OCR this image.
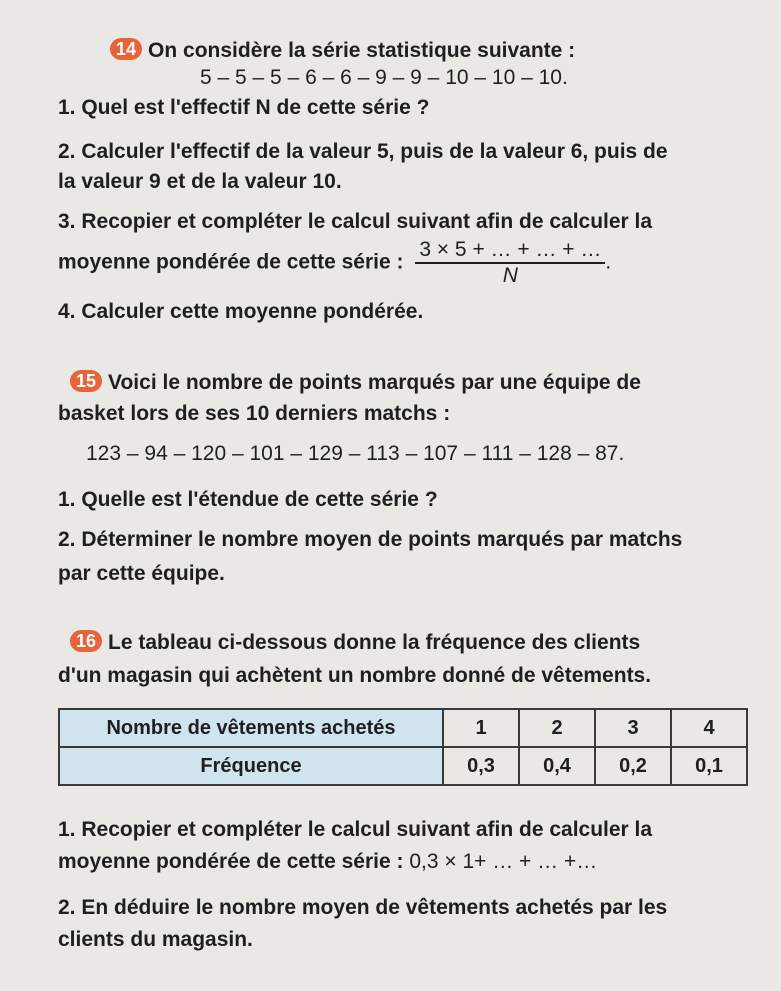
14 On considère la série statistique suivante :
5 – 5 – 5 – 6 – 6 – 9 – 9 – 10 – 10 – 10.
1. Quel est l'effectif N de cette série ?
2. Calculer l'effectif de la valeur 5, puis de la valeur 6, puis de
la valeur 9 et de la valeur 10.
3. Recopier et compléter le calcul suivant afin de calculer la
moyenne pondérée de cette série : $\frac{3 \times 5 + \dots + \dots + \dots}{N}$ .
4. Calculer cette moyenne pondérée.
15 Voici le nombre de points marqués par une équipe de
basket lors de ses 10 derniers matchs :
123 – 94 – 120 – 101 – 129 – 113 – 107 – 111 – 128 – 87.
1. Quelle est l'étendue de cette série ?
2. Déterminer le nombre moyen de points marqués par matchs
par cette équipe.
16 Le tableau ci-dessous donne la fréquence des clients
d'un magasin qui achètent un nombre donné de vêtements.
Nombre de vêtements achetés	1	2	3	4
Fréquence	0,3	0,4	0,2	0,1
1. Recopier et compléter le calcul suivant afin de calculer la
moyenne pondérée de cette série : 0,3 × 1+ … + … +…
2. En déduire le nombre moyen de vêtements achetés par les
clients du magasin.
